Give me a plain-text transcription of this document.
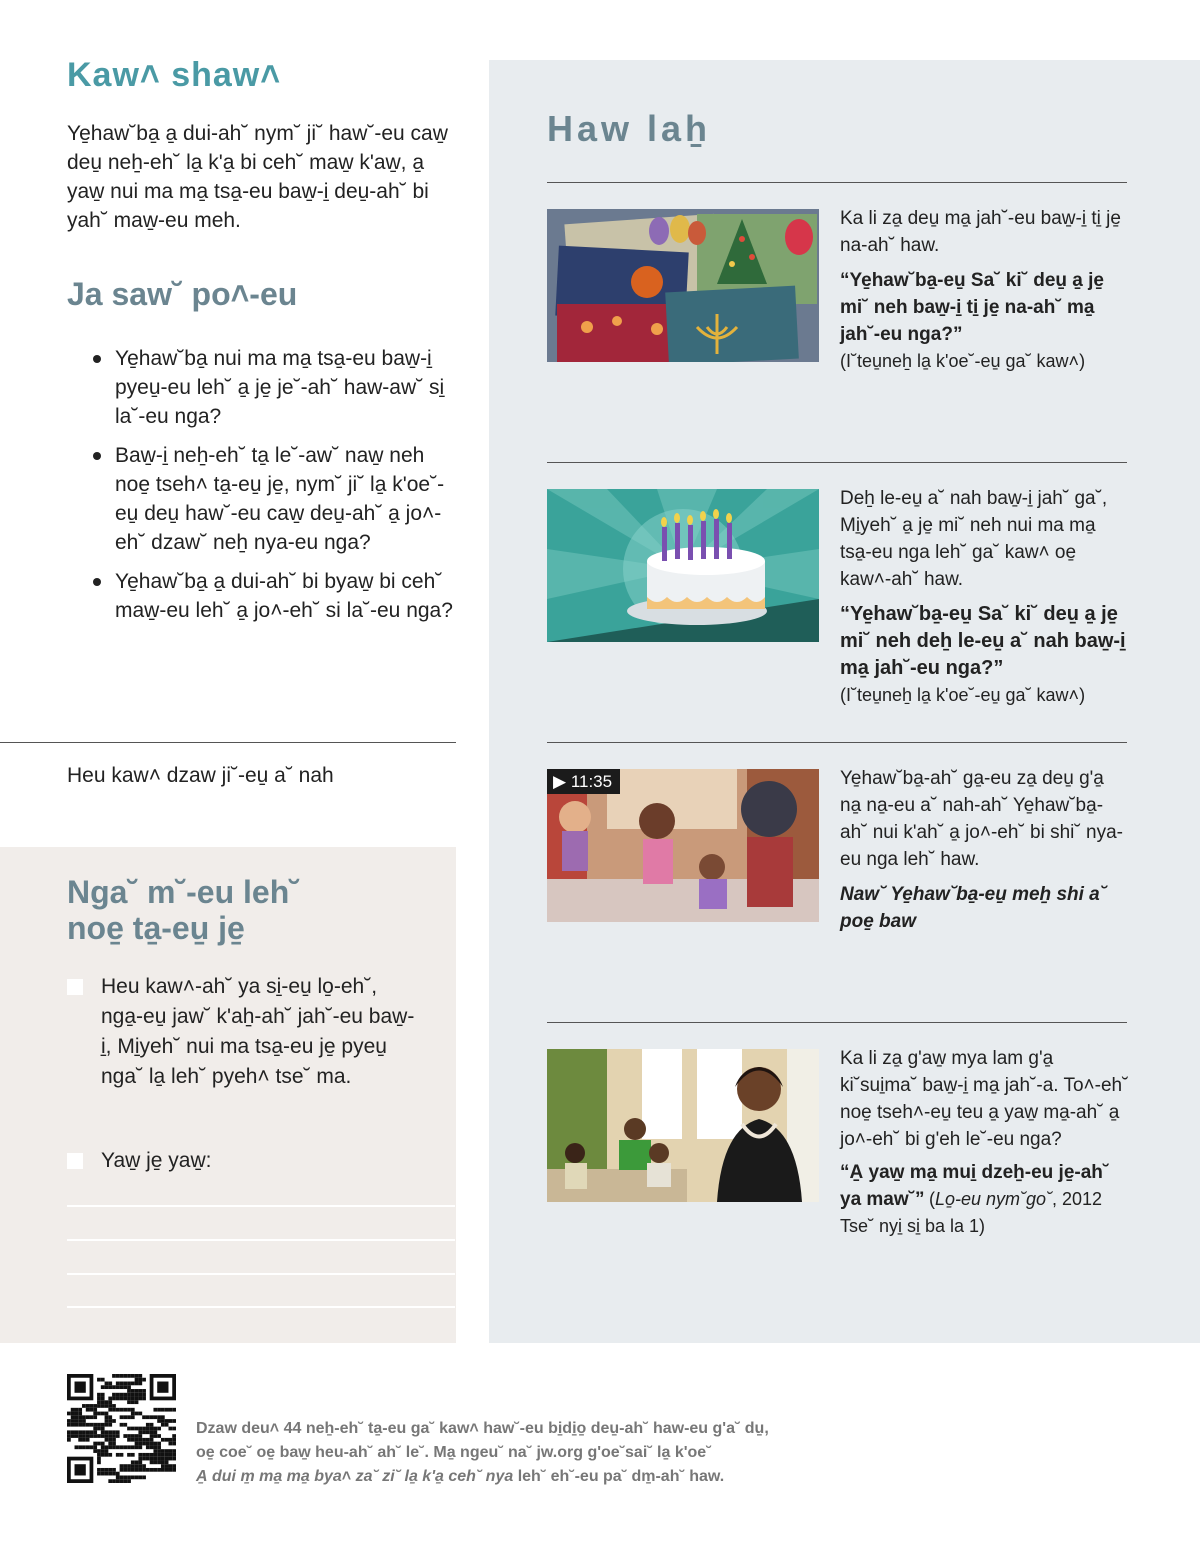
Kaw˄ shaw˄
Ye̱haw˘ba̱ a̱ dui-ah˘ nym˘ ji˘ haw˘-eu caw̱ deu̱ neẖ-eh˘ la̱ k'a̱ bi ceh˘ maw̱ k'aw̱, a̱ yaw̱ nui ma ma̱ tsa̱-eu baw̱-i̱ deu̱-ah˘ bi yah˘ maw̱-eu meh.
Ja saw˘ po˄-eu
Ye̱haw˘ba̱ nui ma ma̱ tsa̱-eu baw̱-i̱ pyeu̱-eu leh˘ a̱ je̱ je˘-ah˘ haw-aw˘ si̱ la˘-eu nga?
Baw̱-i̱ neẖ-eh˘ ta̱ le˘-aw˘ naw̱ neh noe̱ tseh˄ ta̱-eu̱ je̱, nym˘ ji˘ la̱ k'oe˘-eu̱ deu̱ haw˘-eu caw̱ deu̱-ah˘ a̱ jo˄-eh˘ dzaw˘ neẖ nya-eu nga?
Ye̱haw˘ba̱ a̱ dui-ah˘ bi byaw̱ bi ceh˘ maw̱-eu leh˘ a̱ jo˄-eh˘ si la˘-eu nga?
Heu kaw˄ dzaw ji˘-eu̱ a˘ nah
Nga˘ m˘-eu leh˘
noe̱ ta̱-eu̱ je̱
Heu kaw˄-ah˘ ya si̱-eu̱ lo̱-eh˘, nga̱-eu̱ jaw˘ k'aẖ-ah˘ jah˘-eu baw̱-i̱, Mi̱yeh˘ nui ma tsa̱-eu je̱ pyeu̱ nga˘ la̱ leh˘ pyeh˄ tse˘ ma.
Yaw̱ je̱ yaw̱:
Haw laẖ
Ka li za̱ deu̱ ma̱ jah˘-eu baw̱-i̱ ti̱ je̱ na-ah˘ haw.
“Ye̱haw˘ba̱-eu̱ Sa˘ ki˘ deu̱ a̱ je̱ mi˘ neh baw̱-i̱ ti̱ je̱ na-ah˘ ma̱ jah˘-eu nga?”
(I˘teu̱neẖ la̱ k'oe˘-eu̱ ga˘ kaw˄)
Deẖ le-eu̱ a˘ nah baw̱-i̱ jah˘ ga˘, Mi̱yeh˘ a̱ je̱ mi˘ neh nui ma ma̱ tsa̱-eu nga leh˘ ga˘ kaw˄ oe̱ kaw˄-ah˘ haw.
“Ye̱haw˘ba̱-eu̱ Sa˘ ki˘ deu̱ a̱ je̱ mi˘ neh deẖ le-eu̱ a˘ nah baw̱-i̱ ma̱ jah˘-eu nga?”
(I˘teu̱neẖ la̱ k'oe˘-eu̱ ga˘ kaw˄)
▶ 11:35	Ye̱haw˘ba̱-ah˘ ga̱-eu za̱ deu̱ g'a̱ na̱ na̱-eu a˘ nah-ah˘ Ye̱haw˘ba̱-ah˘ nui k'ah˘ a̱ jo˄-eh˘ bi shi˘ nya-eu nga leh˘ haw.
Naw˘ Ye̱haw˘ba̱-eu̱ meẖ shi a˘ poe̱ baw
Ka li za̱ g'aw̱ mya lam g'a̱ ki˘sui̱ma˘ baw̱-i̱ ma̱ jah˘-a. To˄-eh˘ noe̱ tseh˄-eu̱ teu a̱ yaw̱ ma̱-ah˘ a̱ jo˄-eh˘ bi g'eh le˘-eu nga?
“A̱ yaw̱ ma̱ mui̱ dzeẖ-eu je̱-ah˘ ya maw˘” (Lo̱-eu nym˘go˘, 2012 Tse˘ nyi̱ si̱ ba la 1)
Dzaw deu˄ 44 neẖ-eh˘ ta̱-eu ga˘ kaw˄ haw˘-eu bi̱di̱o̱ deu̱-ah˘ haw-eu g'a˘ du̱,
oe̱ coe˘ oe̱ baw̱ heu-ah˘ ah˘ le˘. Ma̱ ngeu˘ na˘ jw.org g'oe˘sai˘ la̱ k'oe˘
A̱ dui m̱ ma̱ ma̱ bya˄ za˘ zi˘ la̱ k'a̱ ceh˘ nya leh˘ eh˘-eu pa˘ dm̱-ah˘ haw.
